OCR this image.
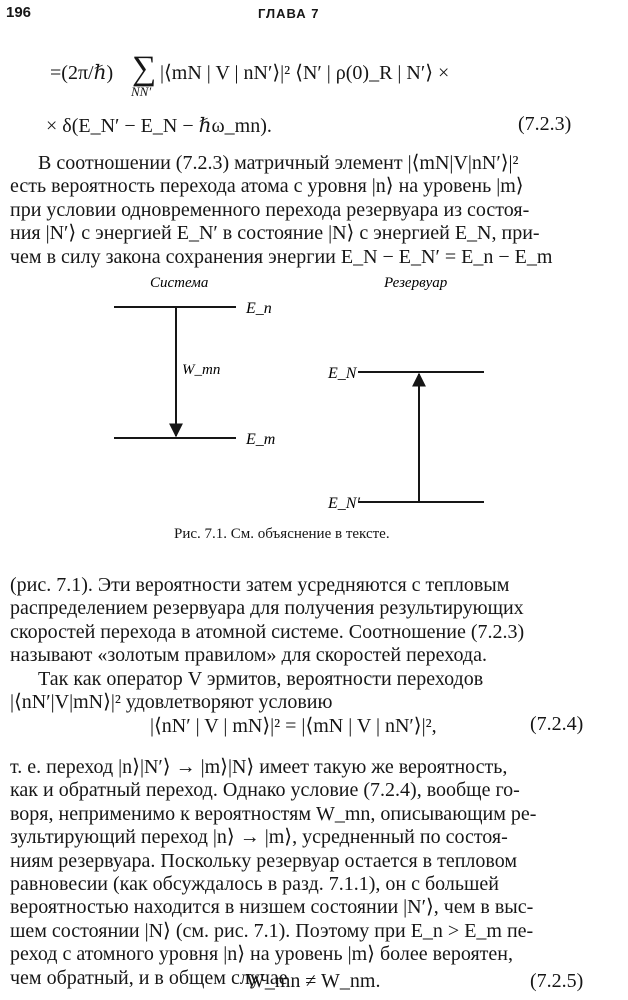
196	ГЛАВА 7
=(2π/ℏ) ∑
NN′
|⟨mN | V | nN′⟩|² ⟨N′ | ρ(0)_R | N′⟩ ×
× δ(E_N′ − E_N − ℏω_mn).	(7.2.3)
В соотношении (7.2.3) матричный элемент |⟨mN|V|nN′⟩|²
есть вероятность перехода атома с уровня |n⟩ на уровень |m⟩
при условии одновременного перехода резервуара из состоя-
ния |N′⟩ с энергией E_N′ в состояние |N⟩ с энергией E_N, при-
чем в силу закона сохранения энергии E_N − E_N′ = E_n − E_m
Система	Резервуар
W_mn
E_n
E_m
E_N
E_N′
Рис. 7.1. См. объяснение в тексте.
(рис. 7.1). Эти вероятности затем усредняются с тепловым
распределением резервуара для получения результирующих
скоростей перехода в атомной системе. Соотношение (7.2.3)
называют «золотым правилом» для скоростей перехода.
Так как оператор V эрмитов, вероятности переходов
|⟨nN′|V|mN⟩|² удовлетворяют условию
|⟨nN′ | V | mN⟩|² = |⟨mN | V | nN′⟩|²,	(7.2.4)
т. е. переход |n⟩|N′⟩ → |m⟩|N⟩ имеет такую же вероятность,
как и обратный переход. Однако условие (7.2.4), вообще го-
воря, неприменимо к вероятностям W_mn, описывающим ре-
зультирующий переход |n⟩ → |m⟩, усредненный по состоя-
ниям резервуара. Поскольку резервуар остается в тепловом
равновесии (как обсуждалось в разд. 7.1.1), он с большей
вероятностью находится в низшем состоянии |N′⟩, чем в выс-
шем состоянии |N⟩ (см. рис. 7.1). Поэтому при E_n > E_m пе-
реход с атомного уровня |n⟩ на уровень |m⟩ более вероятен,
чем обратный, и в общем случае
W_mn ≠ W_nm.	(7.2.5)
